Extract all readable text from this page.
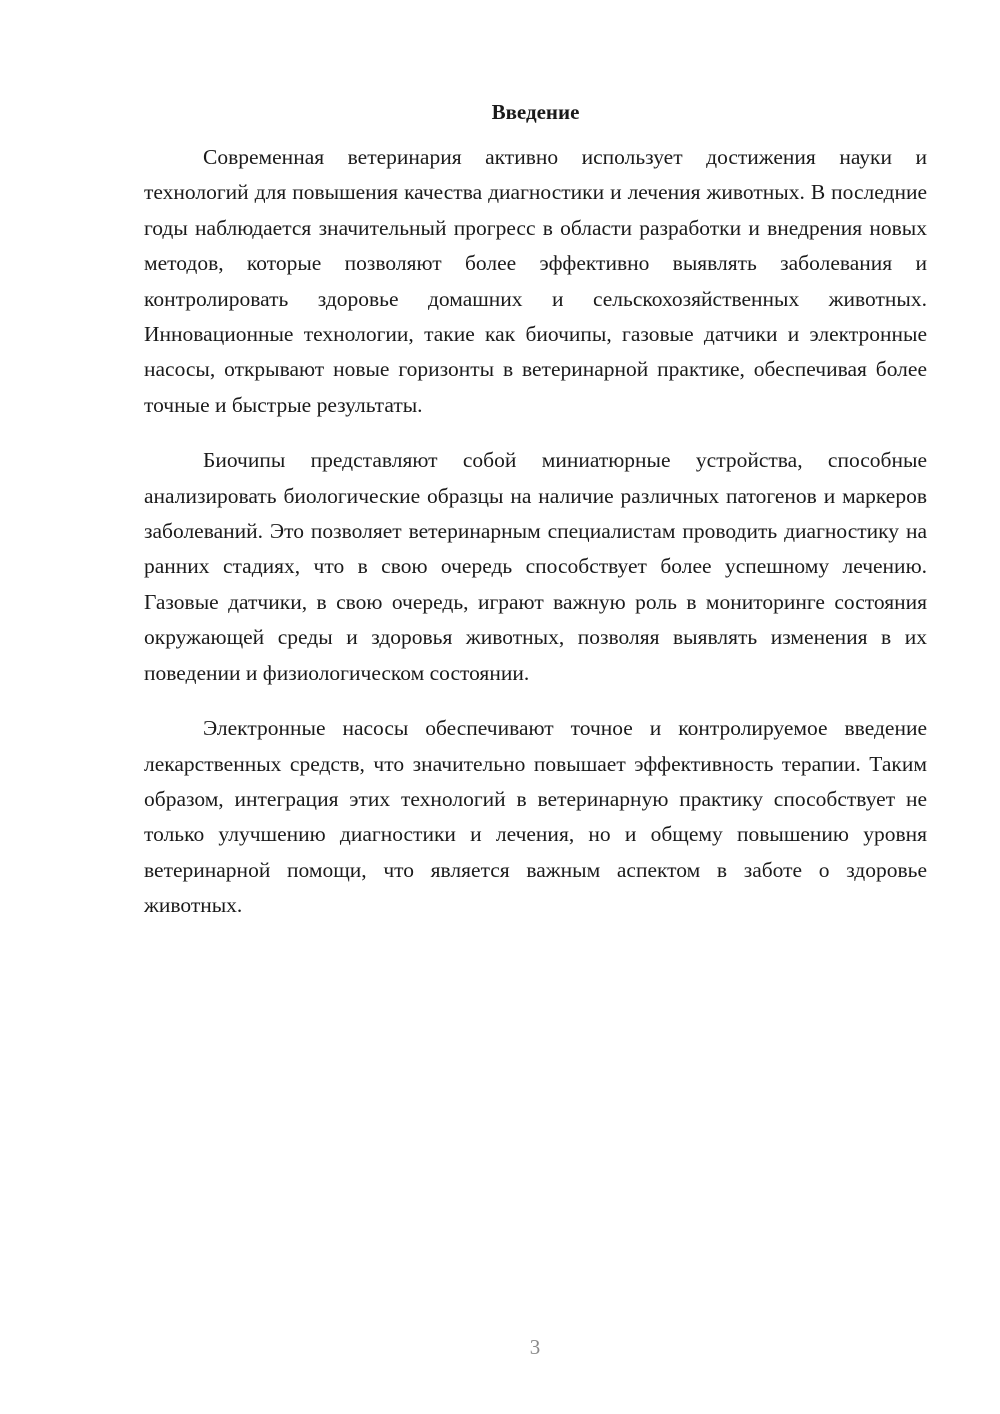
Введение

Современная ветеринария активно использует достижения науки и технологий для повышения качества диагностики и лечения животных. В последние годы наблюдается значительный прогресс в области разработки и внедрения новых методов, которые позволяют более эффективно выявлять заболевания и контролировать здоровье домашних и сельскохозяйственных животных. Инновационные технологии, такие как биочипы, газовые датчики и электронные насосы, открывают новые горизонты в ветеринарной практике, обеспечивая более точные и быстрые результаты.

Биочипы представляют собой миниатюрные устройства, способные анализировать биологические образцы на наличие различных патогенов и маркеров заболеваний. Это позволяет ветеринарным специалистам проводить диагностику на ранних стадиях, что в свою очередь способствует более успешному лечению. Газовые датчики, в свою очередь, играют важную роль в мониторинге состояния окружающей среды и здоровья животных, позволяя выявлять изменения в их поведении и физиологическом состоянии.

Электронные насосы обеспечивают точное и контролируемое введение лекарственных средств, что значительно повышает эффективность терапии. Таким образом, интеграция этих технологий в ветеринарную практику способствует не только улучшению диагностики и лечения, но и общему повышению уровня ветеринарной помощи, что является важным аспектом в заботе о здоровье животных.

3
